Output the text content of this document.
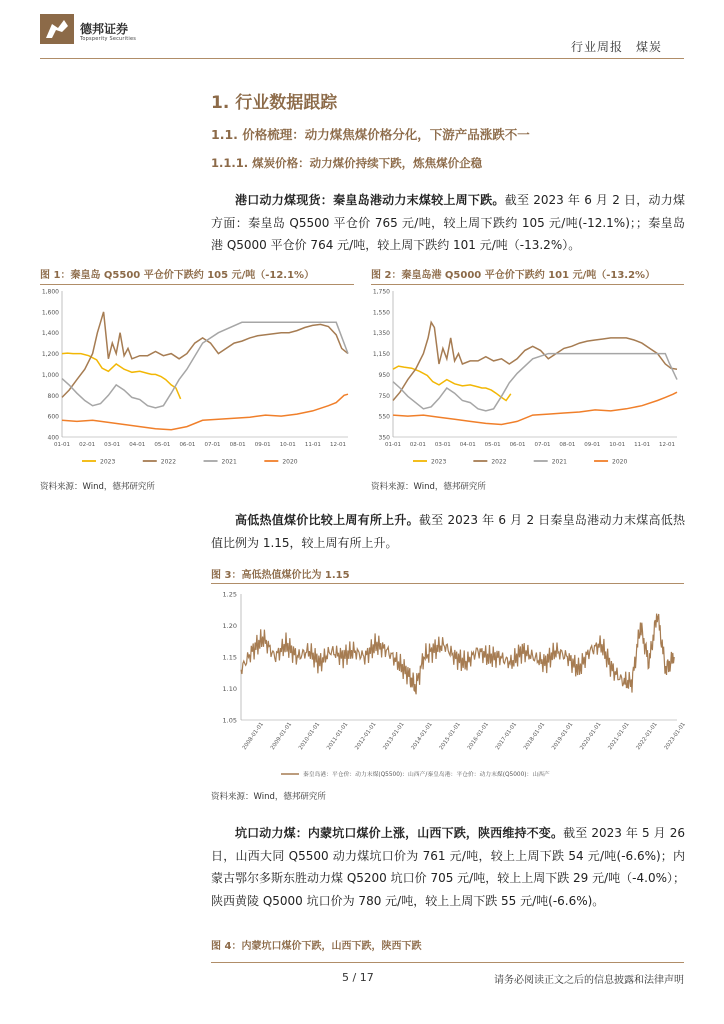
德邦证券
Topsperity Securities
行业周报　煤炭
1. 行业数据跟踪
1.1. 价格梳理：动力煤焦煤价格分化，下游产品涨跌不一
1.1.1. 煤炭价格：动力煤价持续下跌，炼焦煤价企稳
港口动力煤现货：秦皇岛港动力末煤较上周下跌。截至 2023 年 6 月 2 日，动力煤方面：秦皇岛 Q5500 平仓价 765 元/吨，较上周下跌约 105 元/吨(-12.1%)；；秦皇岛港 Q5000 平仓价 764 元/吨，较上周下跌约 101 元/吨（-13.2%）。
图 1：秦皇岛 Q5500 平仓价下跌约 105 元/吨（-12.1%）
400
600
800
1,000
1,200
1,400
1,600
1,800
01-01 02-01 03-01 04-01 05-01 06-01 07-01 08-01 09-01 10-01 11-01 12-01
2023	2022	2021	2020
资料来源：Wind，德邦研究所
图 2：秦皇岛港 Q5000 平仓价下跌约 101 元/吨（-13.2%）
350
550
750
950
1,150
1,350
1,550
1,750
01-01 02-01 03-01 04-01 05-01 06-01 07-01 08-01 09-01 10-01 11-01 12-01
2023	2022	2021	2020
资料来源：Wind，德邦研究所
高低热值煤价比较上周有所上升。截至 2023 年 6 月 2 日秦皇岛港动力末煤高低热值比例为 1.15，较上周有所上升。
图 3：高低热值煤价比为 1.15
1.05
1.10
1.15
1.20
1.25
2008-01-01 2009-01-01 2010-01-01 2011-01-01 2012-01-01 2013-01-01 2014-01-01 2015-01-01 2016-01-01 2017-01-01 2018-01-01 2019-01-01 2020-01-01 2021-01-01 2022-01-01 2023-01-01
秦皇岛港：平仓价：动力末煤(Q5500)：山西产/秦皇岛港：平仓价：动力末煤(Q5000)：山西产
资料来源：Wind，德邦研究所
坑口动力煤：内蒙坑口煤价上涨，山西下跌，陕西维持不变。截至 2023 年 5 月 26 日，山西大同 Q5500 动力煤坑口价为 761 元/吨，较上上周下跌 54 元/吨(-6.6%)；内蒙古鄂尔多斯东胜动力煤 Q5200 坑口价 705 元/吨，较上上周下跌 29 元/吨（-4.0%）；陕西黄陵 Q5000 坑口价为 780 元/吨，较上上周下跌 55 元/吨(-6.6%)。
图 4：内蒙坑口煤价下跌，山西下跌，陕西下跌
5 / 17	请务必阅读正文之后的信息披露和法律声明
